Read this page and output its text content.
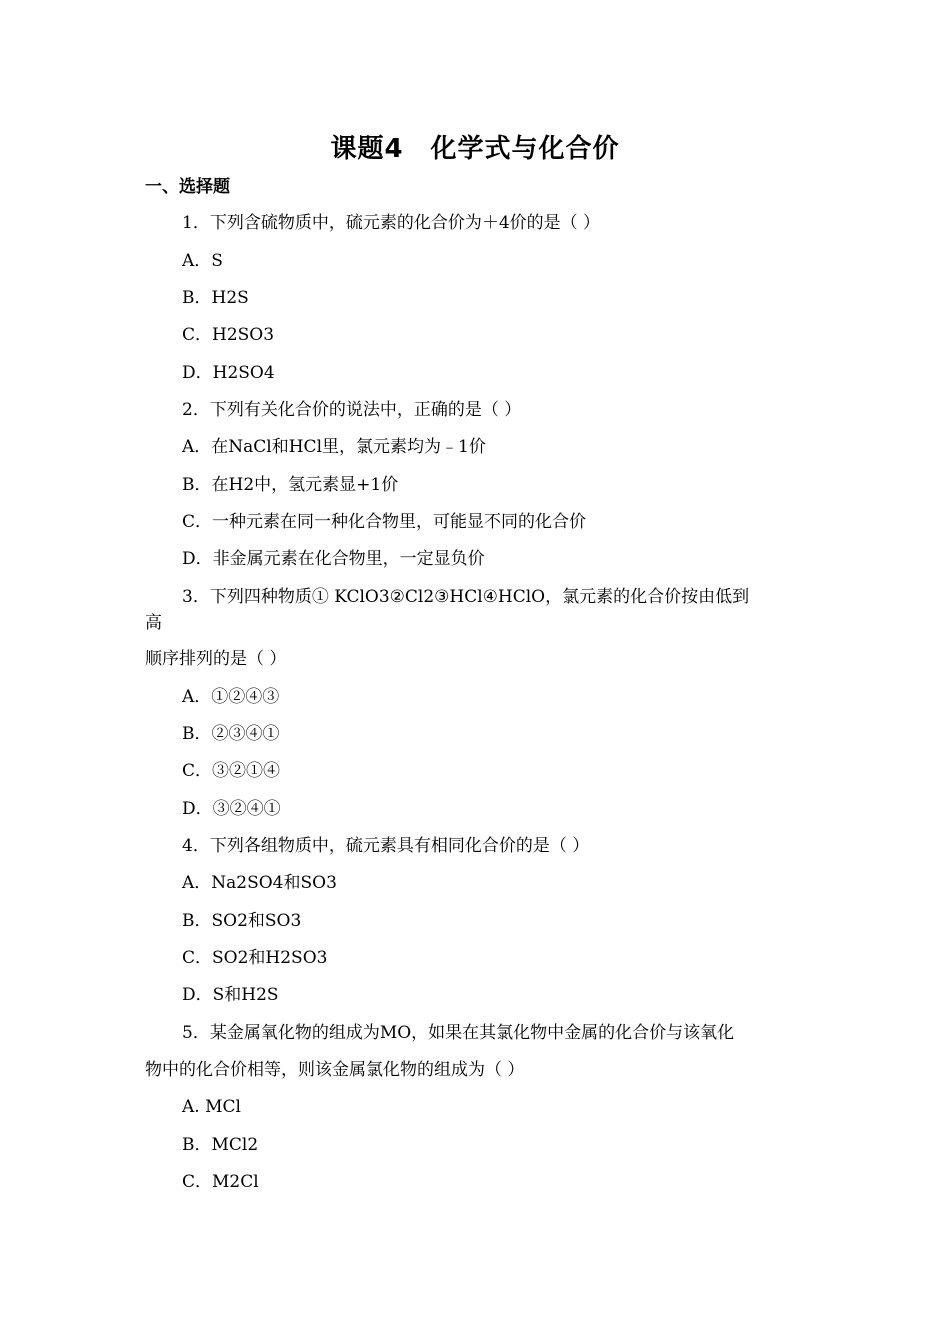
课题4　化学式与化合价
一、选择题
1．下列含硫物质中，硫元素的化合价为＋4价的是（ ）
A．S
B．H2S
C．H2SO3
D．H2SO4
2．下列有关化合价的说法中，正确的是（ ）
A．在NaCl和HCl里，氯元素均为﹣1价
B．在H2中，氢元素显+1价
C．一种元素在同一种化合物里，可能显不同的化合价
D．非金属元素在化合物里，一定显负价
3．下列四种物质① KClO3②Cl2③HCl④HClO，氯元素的化合价按由低到
高
顺序排列的是（ ）
A．①②④③
B．②③④①
C．③②①④
D．③②④①
4．下列各组物质中，硫元素具有相同化合价的是（ ）
A．Na2SO4和SO3
B．SO2和SO3
C．SO2和H2SO3
D．S和H2S
5．某金属氧化物的组成为MO，如果在其氯化物中金属的化合价与该氧化
物中的化合价相等，则该金属氯化物的组成为（ ）
A. MCl
B．MCl2
C．M2Cl
